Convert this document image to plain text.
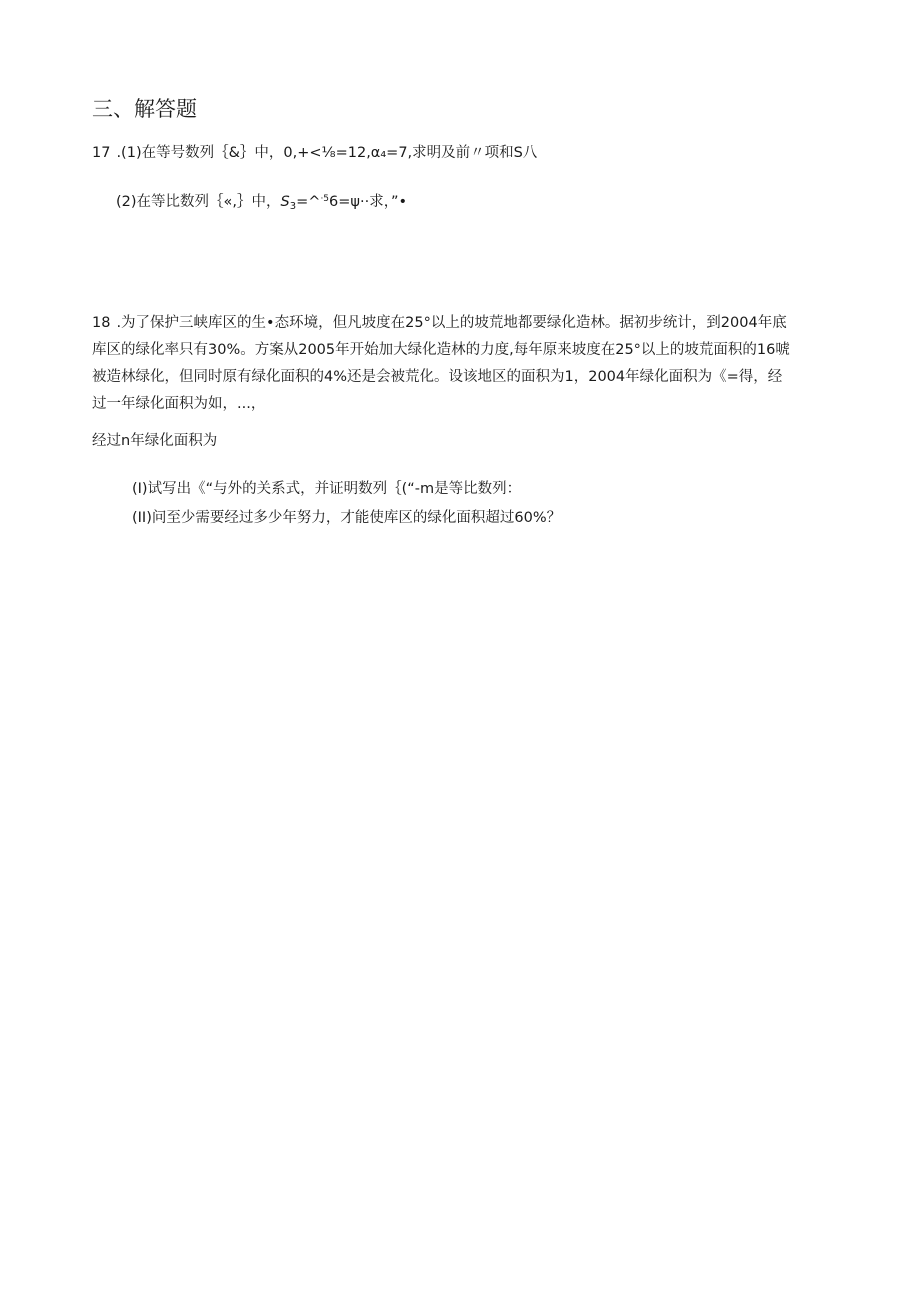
三、解答题
17 .(1)在等号数列｛&｝中，0,+<⅛=12,α₄=7,求明及前〃项和S八
(2)在等比数列｛«,｝中，$S_3=\^{}^{\cdot 5}6=\psi\cdot\cdot$求，”•
18 .为了保护三峡库区的生•态环境，但凡坡度在25°以上的坡荒地都要绿化造林。据初步统计，到2004年底
库区的绿化率只有30%。方案从2005年开始加大绿化造林的力度,每年原来坡度在25°以上的坡荒面积的16唬
被造林绿化，但同时原有绿化面积的4%还是会被荒化。设该地区的面积为1，2004年绿化面积为《=得，经
过一年绿化面积为如，...，
经过n年绿化面积为
(I)试写出《“与外的关系式，并证明数列｛(“-m是等比数列：
(II)问至少需要经过多少年努力，才能使库区的绿化面积超过60%？
